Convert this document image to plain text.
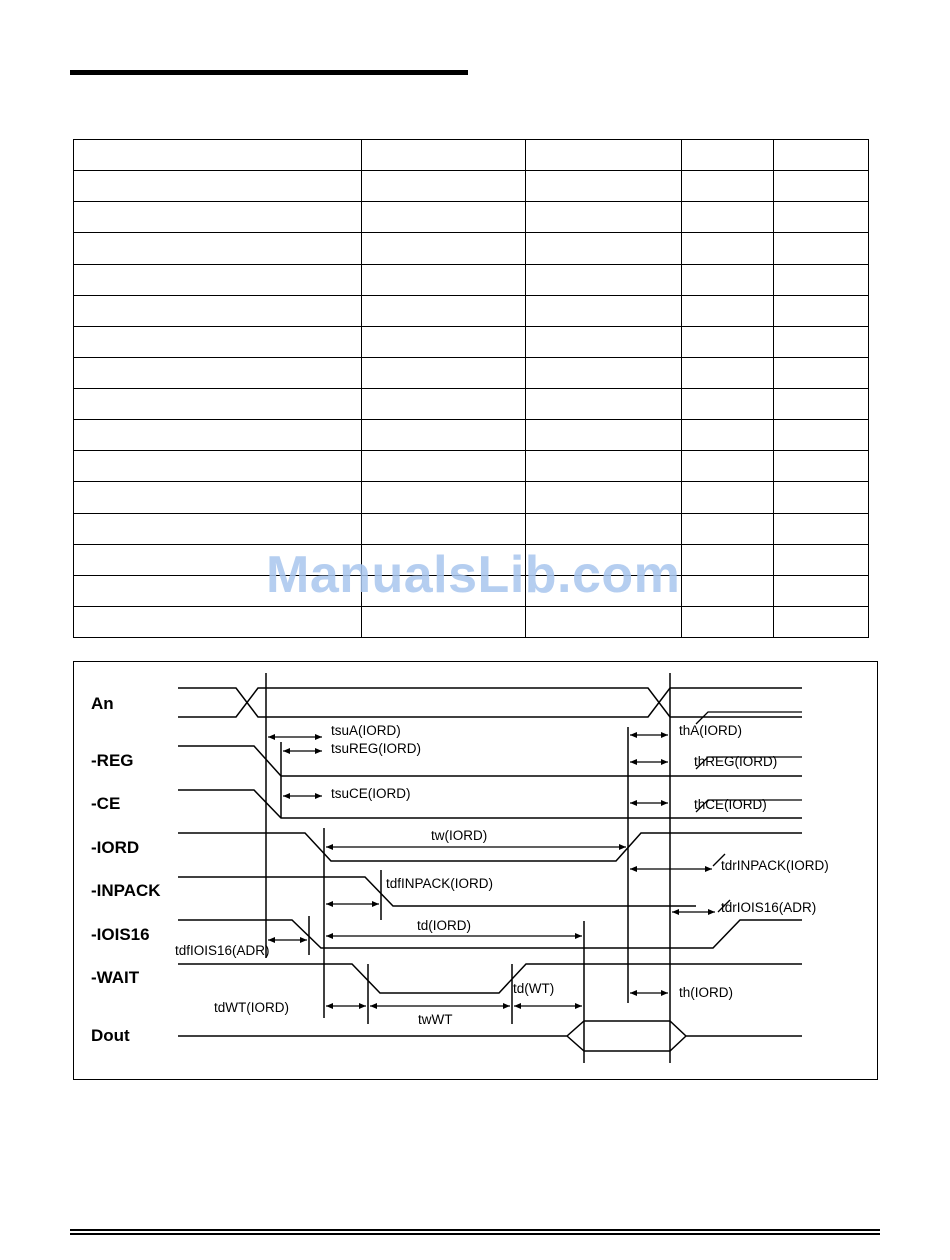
ManualsLib.com
An
-REG
-CE
-IORD
-INPACK
-IOIS16
-WAIT
Dout
tsuA(IORD)
tsuREG(IORD)
tsuCE(IORD)
thA(IORD)
thREG(IORD)
thCE(IORD)
tw(IORD)
tdrINPACK(IORD)
tdfINPACK(IORD)
tdrIOIS16(ADR)
td(IORD)
tdfIOIS16(ADR)
tdWT(IORD)
twWT
td(WT)	th(IORD)
